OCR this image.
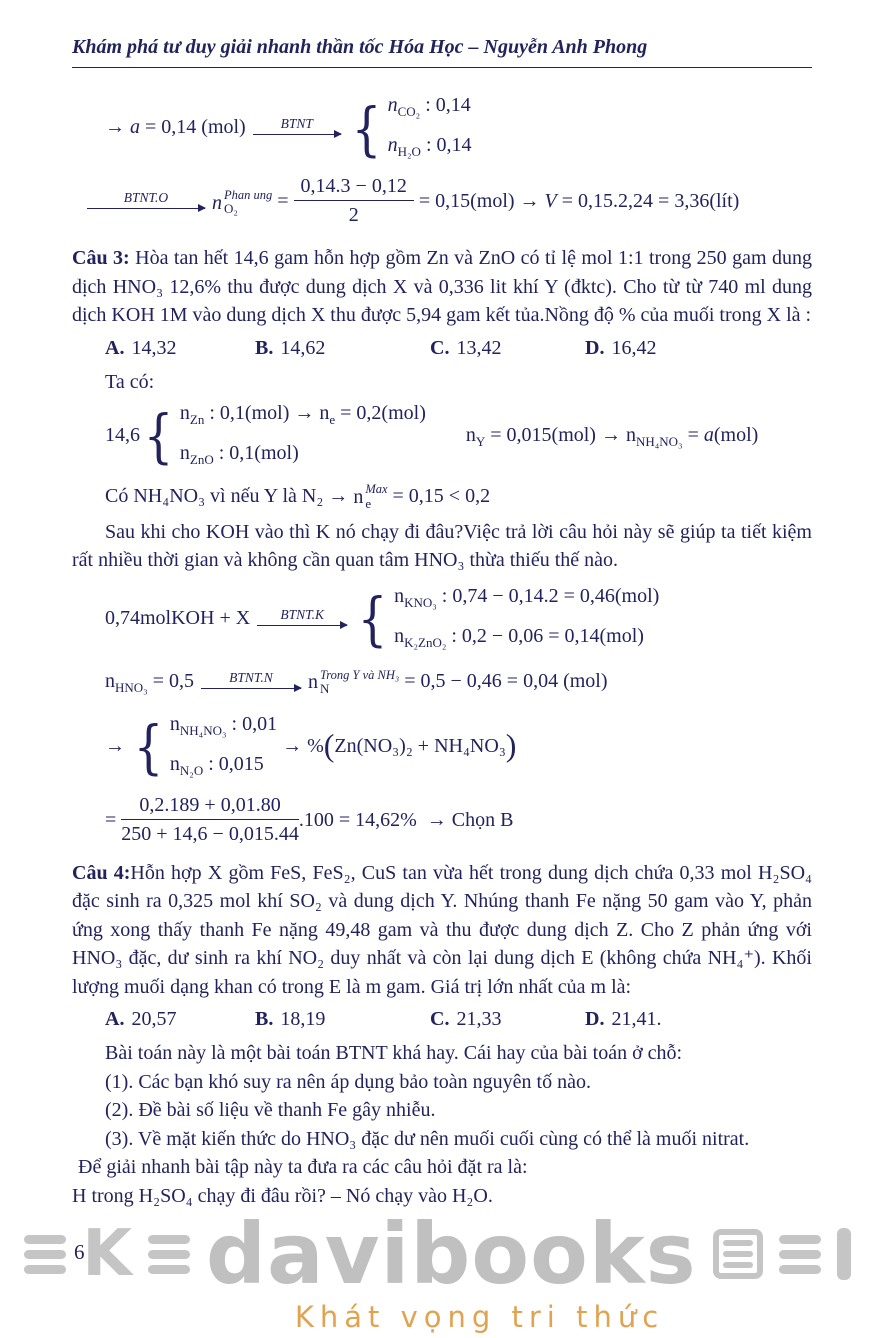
Khám phá tư duy giải nhanh thần tốc Hóa Học – Nguyễn Anh Phong
→ a = 0,14 (mol)	BTNT { $n_{CO_2}$ : 0,14
$n_{H_2O}$ : 0,14
BTNT.O n Phan ung
O₂	= $\frac{0,14.3 - 0,12}{2} = 0,15(mol) \to V = 0,15.2,24$ = 3,36(lít)

Câu 3: Hòa tan hết 14,6 gam hỗn hợp gồm Zn và ZnO có tỉ lệ mol 1:1 trong 250 gam dung dịch HNO₃ 12,6% thu được dung dịch X và 0,336 lit khí Y (đktc). Cho từ từ 740 ml dung dịch KOH 1M vào dung dịch X thu được 5,94 gam kết tủa.Nồng độ % của muối trong X là :

A. 14,32	B. 14,62	C. 13,42	D. 16,42

Ta có:

14,6 { $n_{Zn}$ : $0,1(mol) \to n_e = 0,2(mol)$
$n_{ZnO}$ : 0,1(mol)
$n_Y = 0,015(mol) \to n_{NH_4NO_3} = a(mol)$
Có NH₄NO₃ vì nếu Y là N₂ → n Max
e = 0,15 < 0,2

Sau khi cho KOH vào thì K nó chạy đi đâu?Việc trả lời câu hỏi này sẽ giúp ta tiết kiệm rất nhiều thời gian và không cần quan tâm HNO₃ thừa thiếu thế nào.

0,74molKOH + X BTNT.K { $n_{KNO_3}$ : 0,74 − 0,14.2 = 0,46(mol)
$n_{K_2ZnO_2}$ : 0,2 − 0,06 = 0,14(mol)
$n_{HNO_3} = 0,5$	BTNT.N n Trong Y và NH₃
N	= 0,5 − 0,46 = 0,04 (mol)
→ { $n_{NH_4NO_3}$ : 0,01
$n_{N_2O}$ : 0,015
→ %(Zn(NO₃)₂ + NH₄NO₃)
= $\frac{0,2.189 + 0,01.80}{250 + 14,6 - 0,015.44} .100 = 14,62\%$  → Chọn B

Câu 4:Hỗn hợp X gồm FeS, FeS₂, CuS tan vừa hết trong dung dịch chứa 0,33 mol H₂SO₄ đặc sinh ra 0,325 mol khí SO₂ và dung dịch Y. Nhúng thanh Fe nặng 50 gam vào Y, phản ứng xong thấy thanh Fe nặng 49,48 gam và thu được dung dịch Z. Cho Z phản ứng với HNO₃ đặc, dư sinh ra khí NO₂ duy nhất và còn lại dung dịch E (không chứa NH₄⁺). Khối lượng muối dạng khan có trong E là m gam. Giá trị lớn nhất của m là:

A. 20,57	B. 18,19	C. 21,33	D. 21,41.
Bài toán này là một bài toán BTNT khá hay. Cái hay của bài toán ở chỗ:
(1). Các bạn khó suy ra nên áp dụng bảo toàn nguyên tố nào.
(2). Đề bài số liệu về thanh Fe gây nhiễu.
(3). Về mặt kiến thức do HNO₃ đặc dư nên muối cuối cùng có thể là muối nitrat.
Để giải nhanh bài tập này ta đưa ra các câu hỏi đặt ra là:
H trong H₂SO₄ chạy đi đâu rồi? – Nó chạy vào H₂O.
6
K davibooks
Khát vọng tri thức
